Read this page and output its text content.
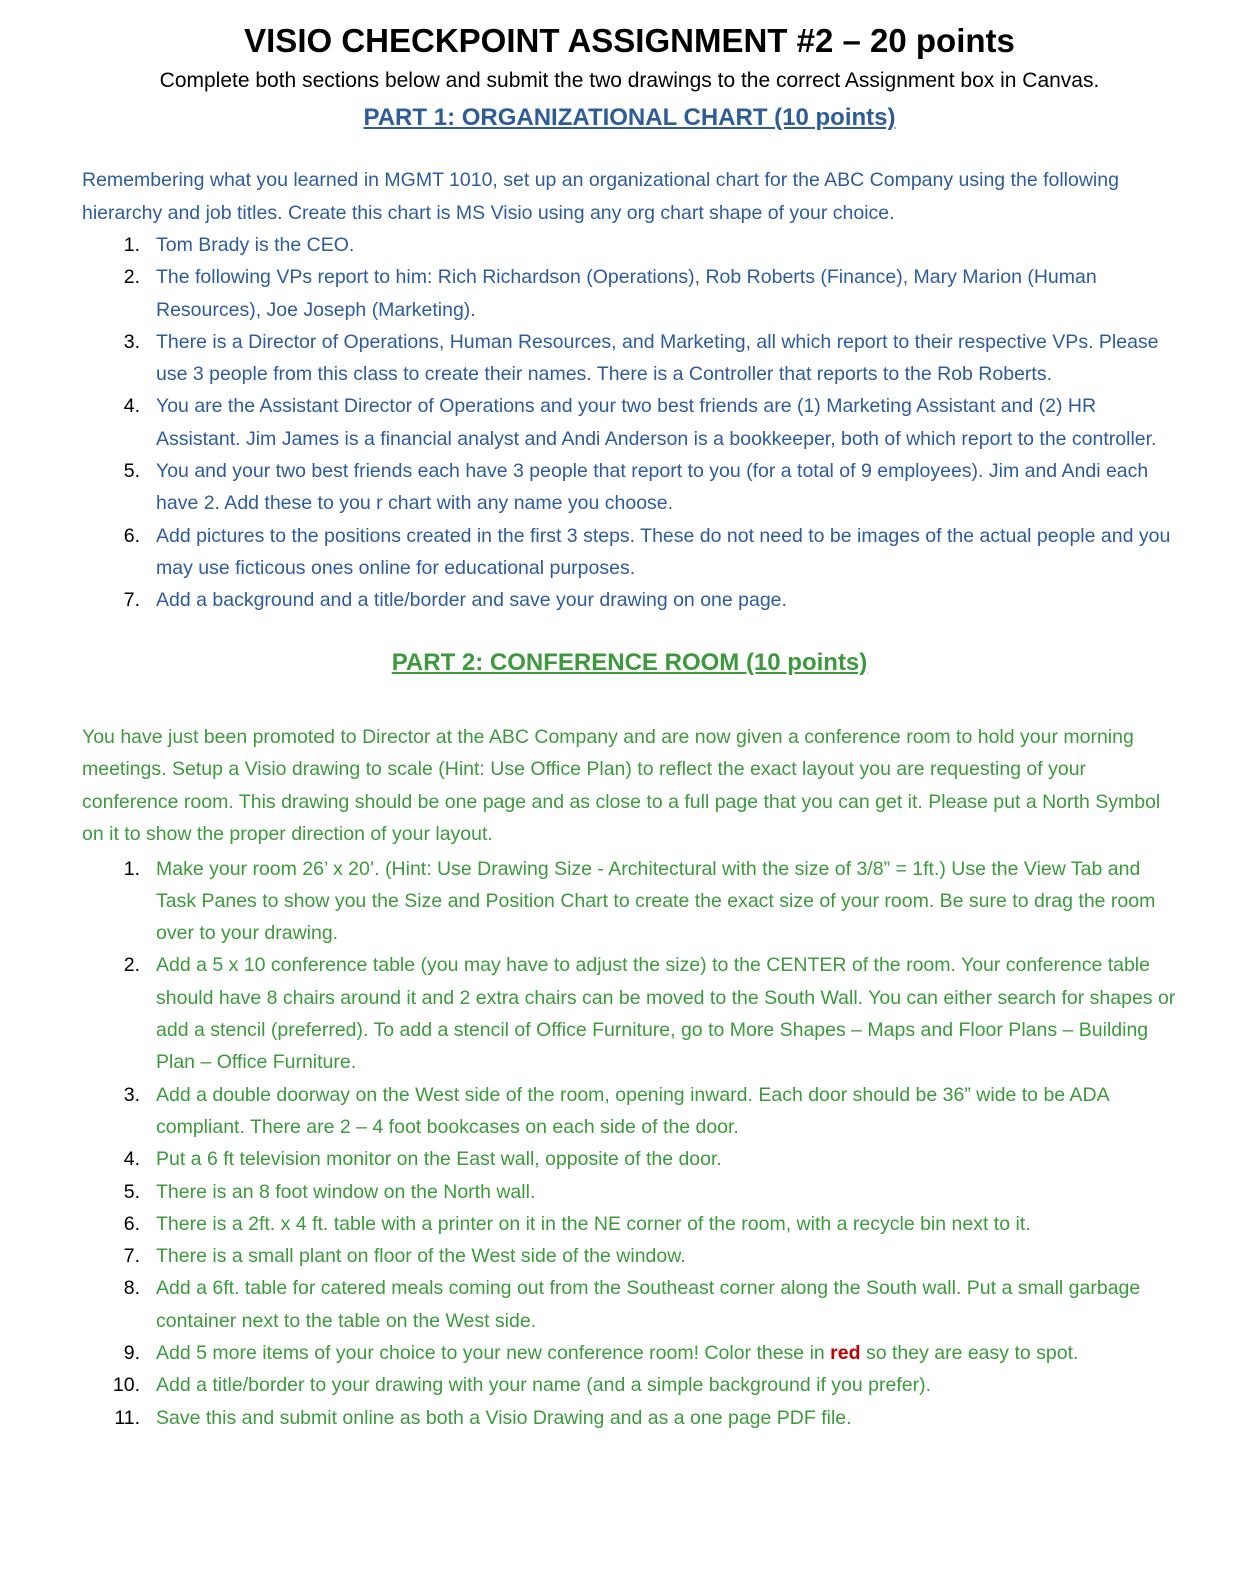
VISIO CHECKPOINT ASSIGNMENT #2 – 20 points

Complete both sections below and submit the two drawings to the correct Assignment box in Canvas.

PART 1: ORGANIZATIONAL CHART (10 points)

Remembering what you learned in MGMT 1010, set up an organizational chart for the ABC Company using the following hierarchy and job titles. Create this chart is MS Visio using any org chart shape of your choice.

1. Tom Brady is the CEO.
2. The following VPs report to him: Rich Richardson (Operations), Rob Roberts (Finance), Mary Marion (Human Resources), Joe Joseph (Marketing).
3. There is a Director of Operations, Human Resources, and Marketing, all which report to their respective VPs. Please use 3 people from this class to create their names. There is a Controller that reports to the Rob Roberts.
4. You are the Assistant Director of Operations and your two best friends are (1) Marketing Assistant and (2) HR Assistant. Jim James is a financial analyst and Andi Anderson is a bookkeeper, both of which report to the controller.
5. You and your two best friends each have 3 people that report to you (for a total of 9 employees). Jim and Andi each have 2. Add these to you r chart with any name you choose.
6. Add pictures to the positions created in the first 3 steps. These do not need to be images of the actual people and you may use ficticous ones online for educational purposes.
7. Add a background and a title/border and save your drawing on one page.
PART 2: CONFERENCE ROOM (10 points)

You have just been promoted to Director at the ABC Company and are now given a conference room to hold your morning meetings. Setup a Visio drawing to scale (Hint: Use Office Plan) to reflect the exact layout you are requesting of your conference room. This drawing should be one page and as close to a full page that you can get it. Please put a North Symbol on it to show the proper direction of your layout.

1. Make your room 26’ x 20’. (Hint: Use Drawing Size - Architectural with the size of 3/8” = 1ft.) Use the View Tab and Task Panes to show you the Size and Position Chart to create the exact size of your room. Be sure to drag the room over to your drawing.
2. Add a 5 x 10 conference table (you may have to adjust the size) to the CENTER of the room. Your conference table should have 8 chairs around it and 2 extra chairs can be moved to the South Wall. You can either search for shapes or add a stencil (preferred). To add a stencil of Office Furniture, go to More Shapes – Maps and Floor Plans – Building Plan – Office Furniture.
3. Add a double doorway on the West side of the room, opening inward. Each door should be 36” wide to be ADA compliant. There are 2 – 4 foot bookcases on each side of the door.
4. Put a 6 ft television monitor on the East wall, opposite of the door.
5. There is an 8 foot window on the North wall.
6. There is a 2ft. x 4 ft. table with a printer on it in the NE corner of the room, with a recycle bin next to it.
7. There is a small plant on floor of the West side of the window.
8. Add a 6ft. table for catered meals coming out from the Southeast corner along the South wall. Put a small garbage container next to the table on the West side.
9. Add 5 more items of your choice to your new conference room! Color these in red so they are easy to spot.
10. Add a title/border to your drawing with your name (and a simple background if you prefer).
11. Save this and submit online as both a Visio Drawing and as a one page PDF file.
